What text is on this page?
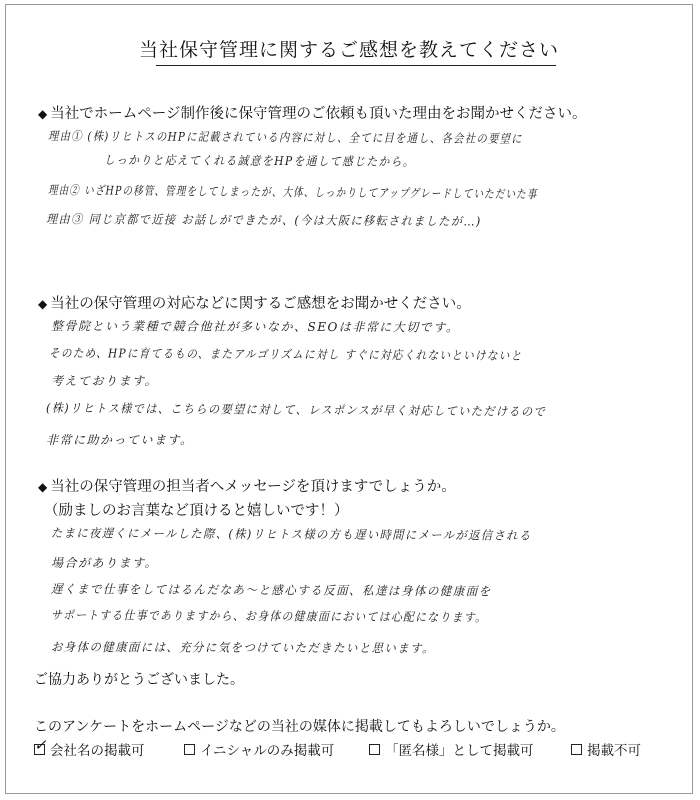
当社保守管理に関するご感想を教えてください
◆ 当社でホームページ制作後に保守管理のご依頼も頂いた理由をお聞かせください。
理由① (株)リヒトスのHPに記載されている内容に対し、全てに目を通し、各会社の要望に
しっかりと応えてくれる誠意をHPを通して感じたから。
理由② いざHPの移管、管理をしてしまったが、大体、しっかりしてアップグレードしていただいた事
理由③ 同じ京都で近接 お話しができたが、(今は大阪に移転されましたが…)
◆ 当社の保守管理の対応などに関するご感想をお聞かせください。
整骨院という業種で競合他社が多いなか、SEOは非常に大切です。
そのため、HPに育てるもの、またアルゴリズムに対し すぐに対応くれないといけないと
考えております。
(株)リヒトス様では、こちらの要望に対して、レスポンスが早く対応していただけるので
非常に助かっています。
◆ 当社の保守管理の担当者へメッセージを頂けますでしょうか。
（励ましのお言葉など頂けると嬉しいです！）
たまに夜遅くにメールした際、(株)リヒトス様の方も遅い時間にメールが返信される
場合があります。
遅くまで仕事をしてはるんだなあ〜と感心する反面、私達は身体の健康面を
サポートする仕事でありますから、お身体の健康面においては心配になります。
お身体の健康面には、充分に気をつけていただきたいと思います。
ご協力ありがとうございました。
このアンケートをホームページなどの当社の媒体に掲載してもよろしいでしょうか。
✓ 会社名の掲載可	イニシャルのみ掲載可	「匿名様」として掲載可	掲載不可
